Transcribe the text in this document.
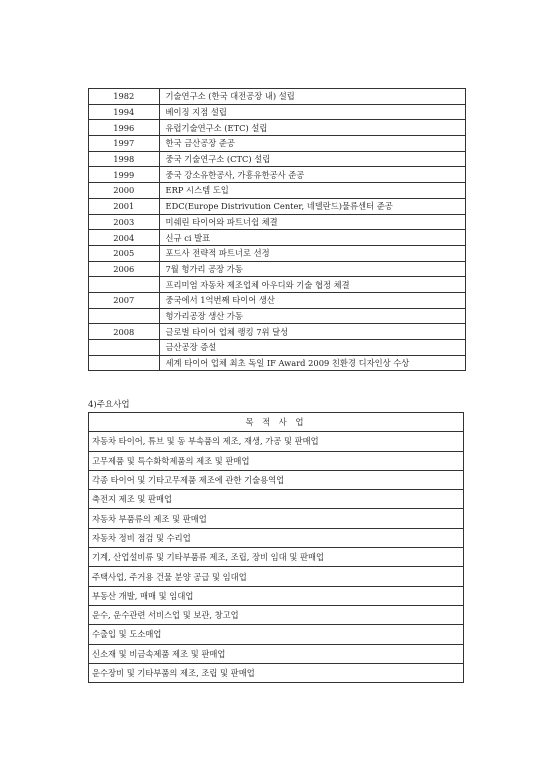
1982	기술연구소 (한국 대전공장 내) 설립
1994	베이징 지점 설립
1996	유럽기술연구소 (ETC) 설립
1997	한국 금산공장 준공
1998	중국 기술연구소 (CTC) 설립
1999	중국 강소유한공사, 가흥유한공사 준공
2000	ERP 시스템 도입
2001	EDC(Europe Distrivution Center, 네델란드)물류센터 준공
2003	미쉐린 타이어와 파트너쉽 체결
2004	신규 ci 발표
2005	포드사 전략적 파트너로 선정
2006	7월 헝가리 공장 가동
	프리미엄 자동차 제조업체 아우디와 기술 협정 체결
2007	중국에서 1억번째 타이어 생산
	헝가리공장 생산 가동
2008	글로벌 타이어 업체 랭킹 7위 달성
	금산공장 증설
	세계 타이어 업체 최초 독일 IF Award 2009 친환경 디자인상 수상
4)주요사업
목 적 사 업
자동차 타이어, 튜브 및 동 부속품의 제조, 재생, 가공 및 판매업
고무제품 및 특수화학제품의 제조 및 판매업
각종 타이어 및 기타고무제품 제조에 관한 기술용역업
축전지 제조 및 판매업
자동차 부품류의 제조 및 판매업
자동차 정비 점검 및 수리업
기계, 산업설비류 및 기타부품류 제조, 조립, 장비 임대 및 판매업
주택사업, 주거용 건물 분양 공급 및 임대업
부동산 개발, 매매 및 임대업
운수, 운수관련 서비스업 및 보관, 창고업
수출입 및 도소매업
신소재 및 비금속제품 제조 및 판매업
운수장비 및 기타부품의 제조, 조립 및 판매업
